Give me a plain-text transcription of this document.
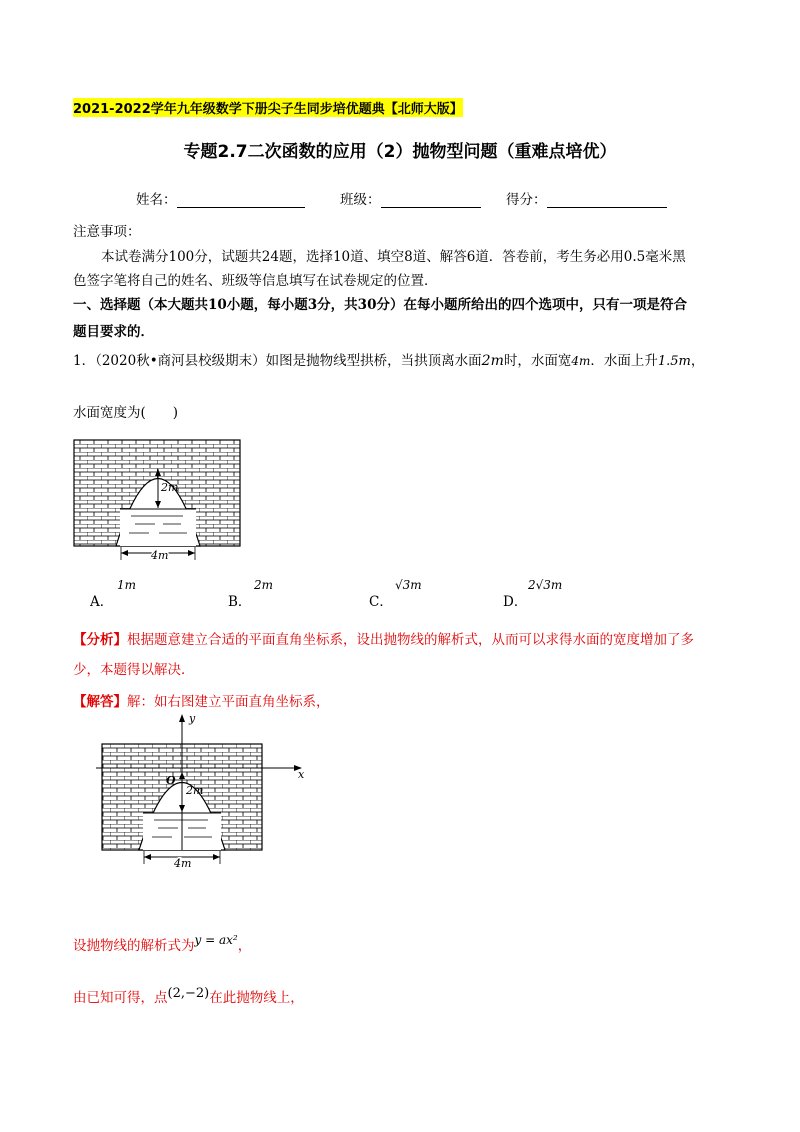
2021-2022学年九年级数学下册尖子生同步培优题典【北师大版】
专题2.7二次函数的应用（2）抛物型问题（重难点培优）
姓名：	班级：	得分：
注意事项：
本试卷满分100分，试题共24题，选择10道、填空8道、解答6道．答卷前，考生务必用0.5毫米黑
色签字笔将自己的姓名、班级等信息填写在试卷规定的位置．
一、选择题（本大题共10小题，每小题3分，共30分）在每小题所给出的四个选项中，只有一项是符合
题目要求的．
1．（2020秋•商河县校级期末）如图是抛物线型拱桥，当拱顶离水面2m时，水面宽4m．水面上升1.5m，
水面宽度为(　　)
2m
4m
A．
1m
B．
2m
C．
√3m
D．
2√3m
【分析】根据题意建立合适的平面直角坐标系，设出抛物线的解析式，从而可以求得水面的宽度增加了多
少，本题得以解决．
【解答】解：如右图建立平面直角坐标系，
y
x
O
2m
4m
设抛物线的解析式为y = ax²，
由已知可得，点(2,−2)在此抛物线上，
